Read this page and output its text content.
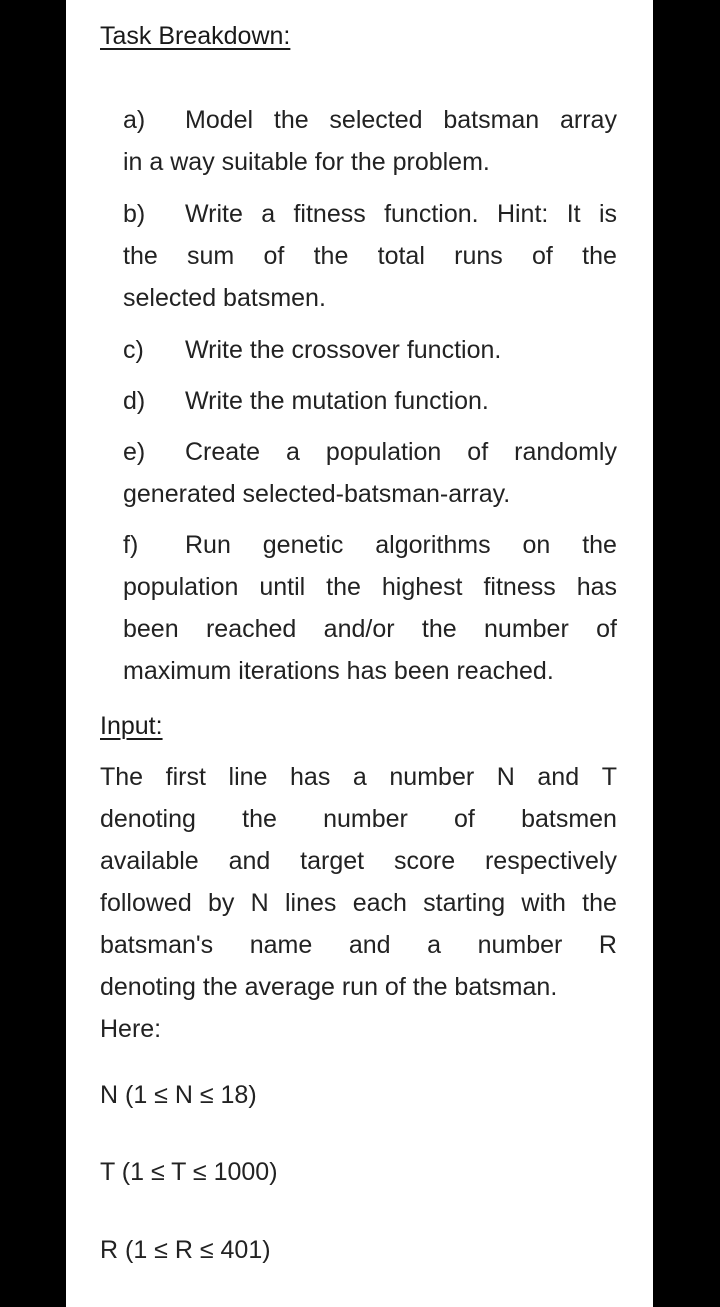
Task Breakdown:
a)	Model the selected batsman array
in a way suitable for the problem.
b)	Write a fitness function. Hint: It is
the sum of the total runs of the
selected batsmen.
c)	Write the crossover function.
d)	Write the mutation function.
e)	Create a population of randomly
generated selected-batsman-array.
f)	Run genetic algorithms on the
population until the highest fitness has
been reached and/or the number of
maximum iterations has been reached.
Input:
The first line has a number N and T
denoting the number of batsmen
available and target score respectively
followed by N lines each starting with the
batsman's name and a number R
denoting the average run of the batsman.
Here:
N (1 ≤ N ≤ 18)
T (1 ≤ T ≤ 1000)
R (1 ≤ R ≤ 401)
